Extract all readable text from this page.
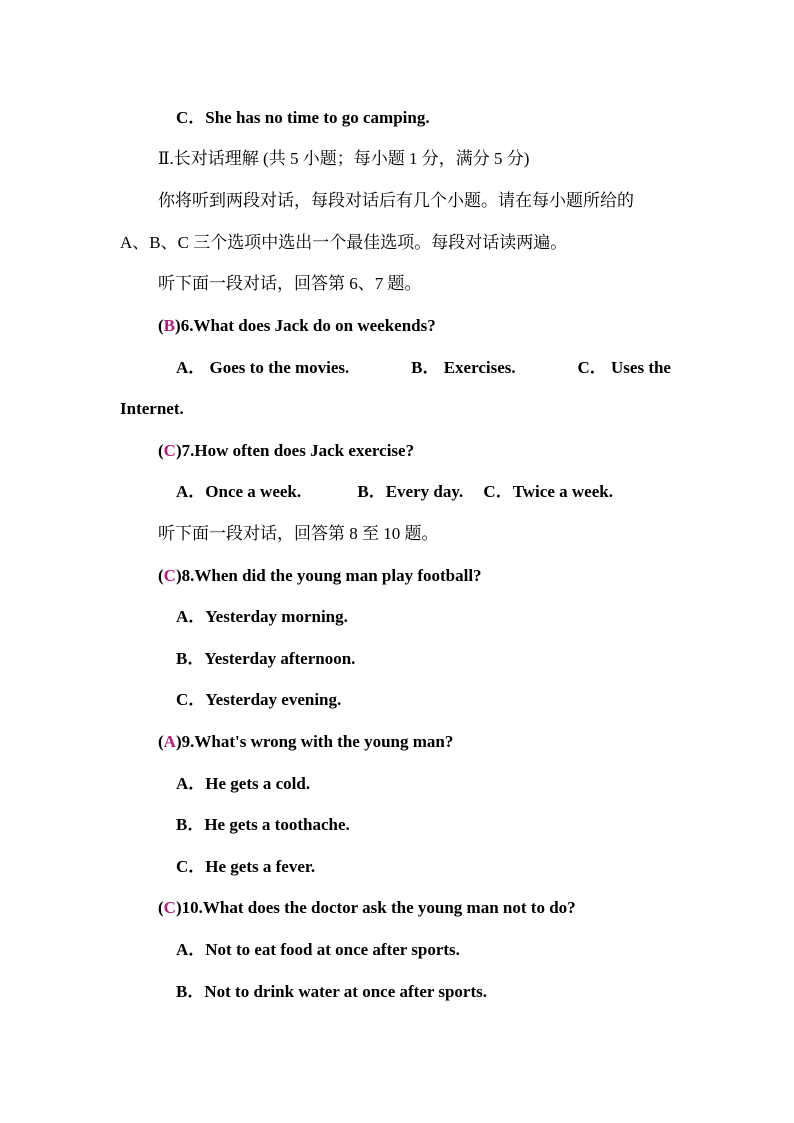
C．She has no time to go camping.
Ⅱ.长对话理解 (共 5 小题；每小题 1 分，满分 5 分)
你将听到两段对话，每段对话后有几个小题。请在每小题所给的
A、B、C 三个选项中选出一个最佳选项。每段对话读两遍。
听下面一段对话，回答第 6、7 题。
(B)6.What does Jack do on weekends?
A． Goes to the movies.	B． Exercises.	C． Uses the
Internet.
(C)7.How often does Jack exercise?
A．Once a week.	B．Every day. C．Twice a week.
听下面一段对话，回答第 8 至 10 题。
(C)8.When did the young man play football?
A．Yesterday morning.
B．Yesterday afternoon.
C．Yesterday evening.
(A)9.What's wrong with the young man?
A．He gets a cold.
B．He gets a toothache.
C．He gets a fever.
(C)10.What does the doctor ask the young man not to do?
A．Not to eat food at once after sports.
B．Not to drink water at once after sports.
